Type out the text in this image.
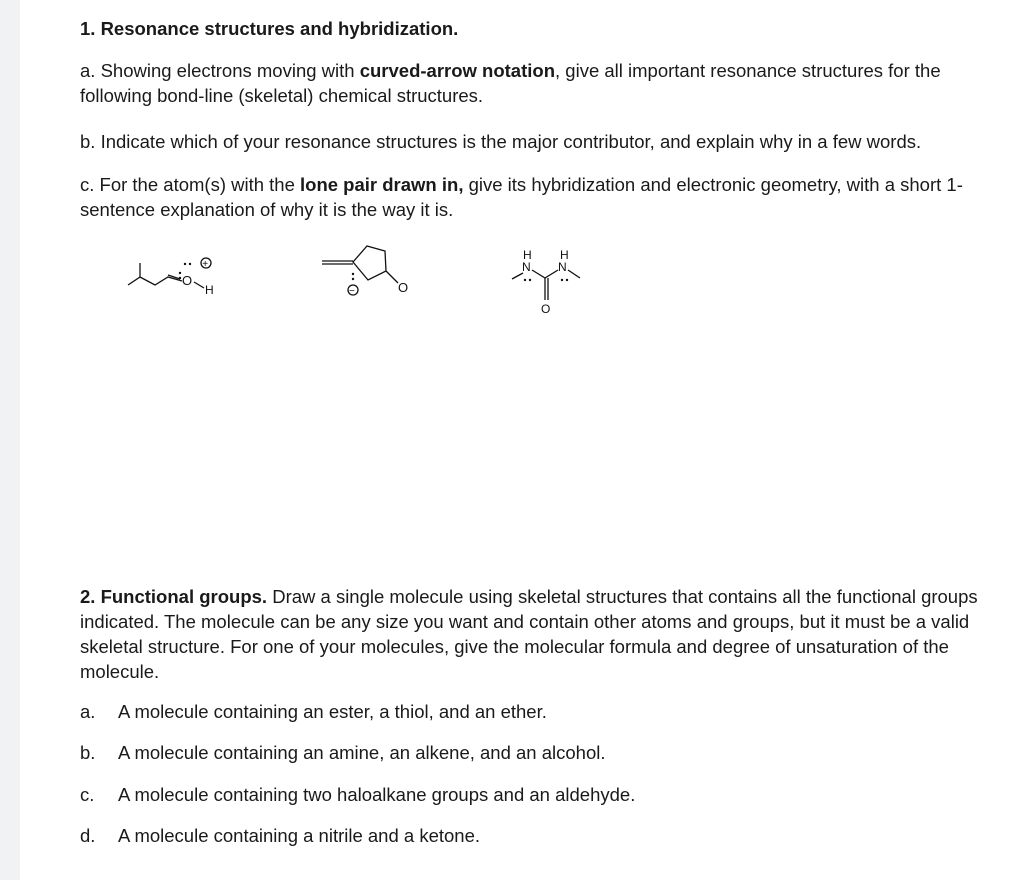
1. Resonance structures and hybridization.

a. Showing electrons moving with curved-arrow notation, give all important resonance structures for the following bond-line (skeletal) chemical structures.

b. Indicate which of your resonance structures is the major contributor, and explain why in a few words.

c. For the atom(s) with the lone pair drawn in, give its hybridization and electronic geometry, with a short 1-sentence explanation of why it is the way it is.

2. Functional groups. Draw a single molecule using skeletal structures that contains all the functional groups indicated. The molecule can be any size you want and contain other atoms and groups, but it must be a valid skeletal structure. For one of your molecules, give the molecular formula and degree of unsaturation of the molecule.

a. A molecule containing an ester, a thiol, and an ether.
b. A molecule containing an amine, an alkene, and an alcohol.
c. A molecule containing two haloalkane groups and an aldehyde.
d. A molecule containing a nitrile and a ketone.
O
H
+
O
−
N
H
O
N
H
